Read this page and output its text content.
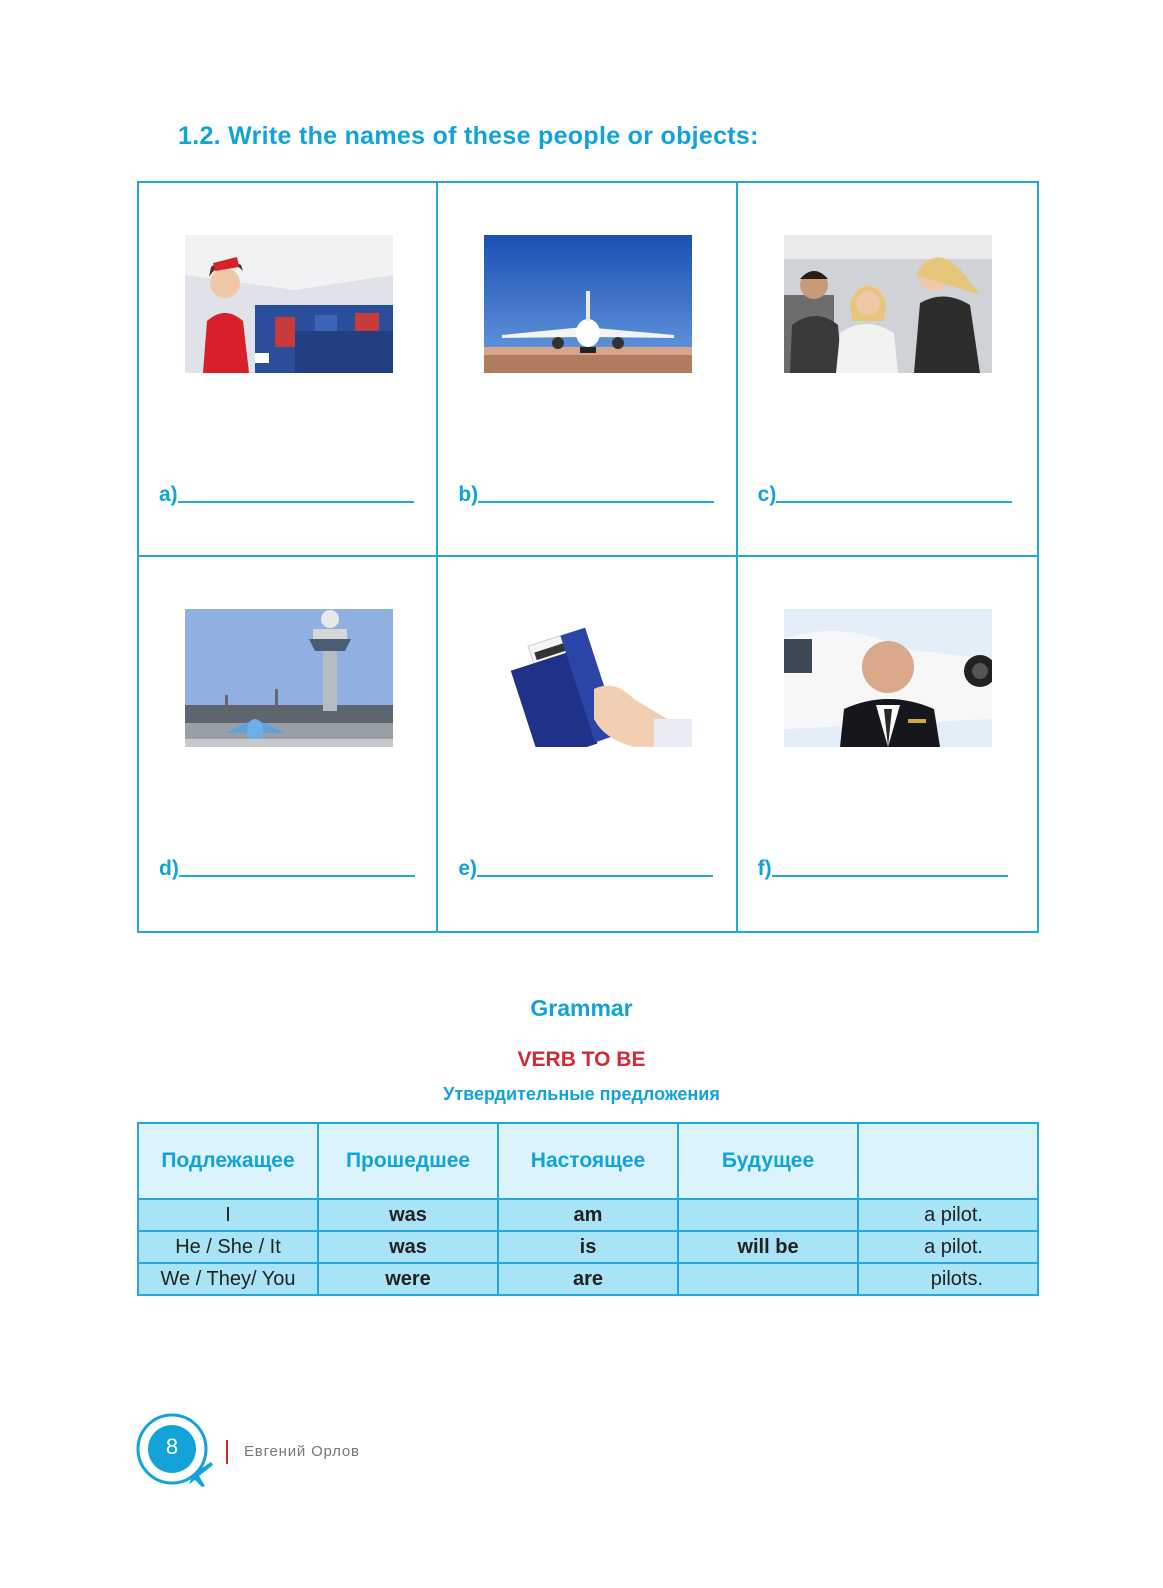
1.2. Write the names of these people or objects:
a)	b)	c)
d)	e)	f)
Grammar
VERB TO BE
Утвердительные предложения
Подлежащее	Прошедшее	Настоящее	Будущее	
I	was	am		a pilot.
He / She / It	was	is	will be	a pilot.
We / They/ You	were	are		pilots.
8	Евгений Орлов
